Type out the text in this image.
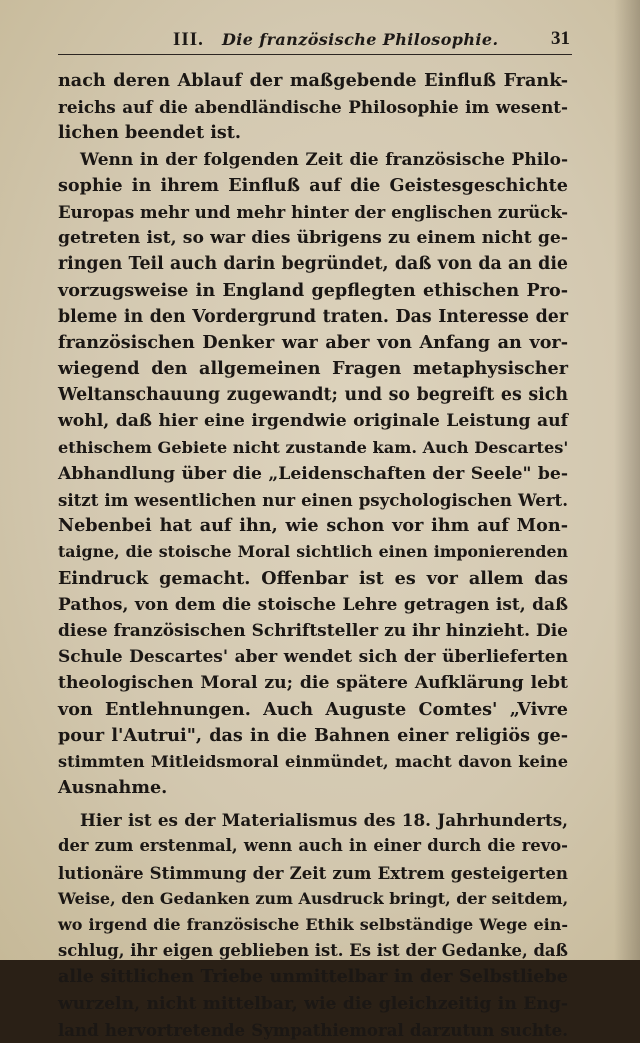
III. Die französische Philosophie.	31
nach deren Ablauf der maßgebende Einfluß Frank-
reichs auf die abendländische Philosophie im wesent-
lichen beendet ist.
Wenn in der folgenden Zeit die französische Philo-
sophie in ihrem Einfluß auf die Geistesgeschichte
Europas mehr und mehr hinter der englischen zurück-
getreten ist, so war dies übrigens zu einem nicht ge-
ringen Teil auch darin begründet, daß von da an die
vorzugsweise in England gepflegten ethischen Pro-
bleme in den Vordergrund traten. Das Interesse der
französischen Denker war aber von Anfang an vor-
wiegend den allgemeinen Fragen metaphysischer
Weltanschauung zugewandt; und so begreift es sich
wohl, daß hier eine irgendwie originale Leistung auf
ethischem Gebiete nicht zustande kam. Auch Descartes'
Abhandlung über die „Leidenschaften der Seele" be-
sitzt im wesentlichen nur einen psychologischen Wert.
Nebenbei hat auf ihn, wie schon vor ihm auf Mon-
taigne, die stoische Moral sichtlich einen imponierenden
Eindruck gemacht. Offenbar ist es vor allem das
Pathos, von dem die stoische Lehre getragen ist, daß
diese französischen Schriftsteller zu ihr hinzieht. Die
Schule Descartes' aber wendet sich der überlieferten
theologischen Moral zu; die spätere Aufklärung lebt
von Entlehnungen. Auch Auguste Comtes' „Vivre
pour l'Autrui", das in die Bahnen einer religiös ge-
stimmten Mitleidsmoral einmündet, macht davon keine
Ausnahme.
Hier ist es der Materialismus des 18. Jahrhunderts,
der zum erstenmal, wenn auch in einer durch die revo-
lutionäre Stimmung der Zeit zum Extrem gesteigerten
Weise, den Gedanken zum Ausdruck bringt, der seitdem,
wo irgend die französische Ethik selbständige Wege ein-
schlug, ihr eigen geblieben ist. Es ist der Gedanke, daß
alle sittlichen Triebe unmittelbar in der Selbstliebe
wurzeln, nicht mittelbar, wie die gleichzeitig in Eng-
land hervortretende Sympathiemoral darzutun suchte.
